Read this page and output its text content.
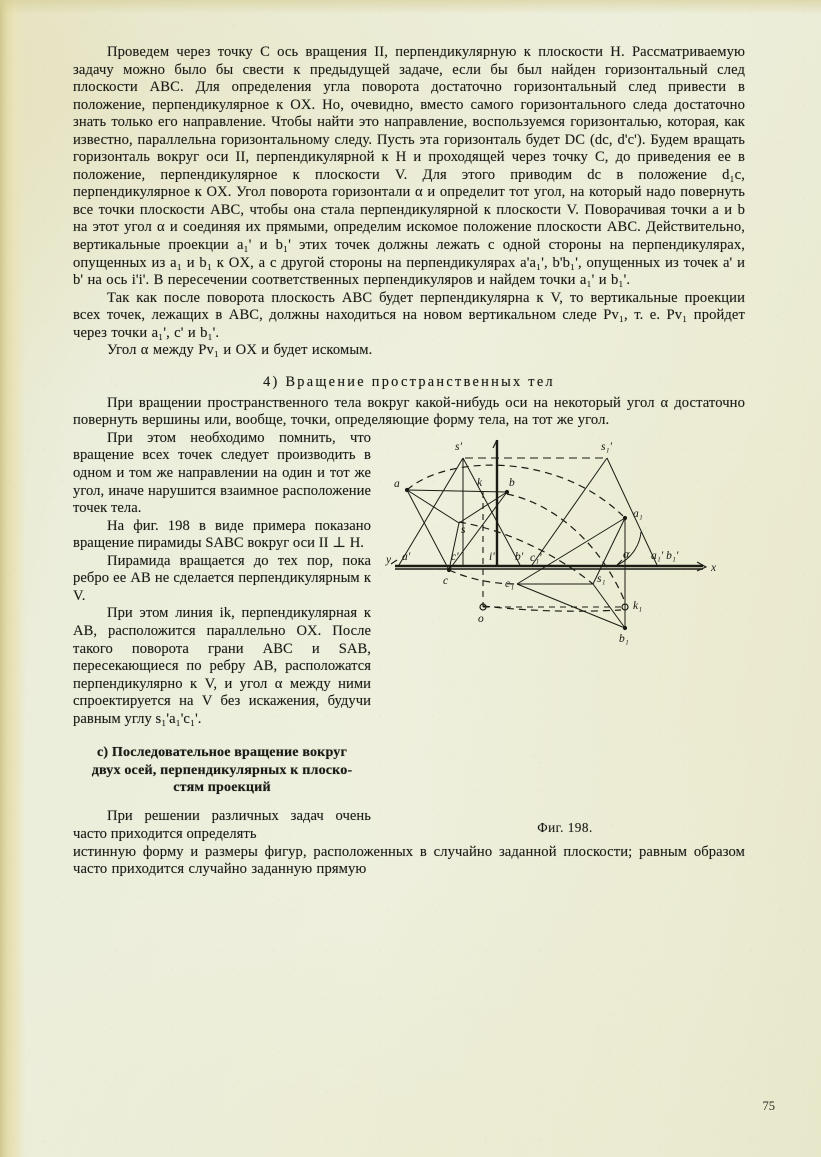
Проведем через точку C ось вращения II, перпендикулярную к плоскости H. Рассматриваемую задачу можно было бы свести к предыдущей задаче, если бы был найден горизонтальный след плоскости ABC. Для определения угла поворота достаточно горизонтальный след привести в положение, перпендикулярное к OX. Но, очевидно, вместо самого горизонтального следа достаточно знать только его направление. Чтобы найти это направление, воспользуемся горизонталью, которая, как известно, параллельна горизонтальному следу. Пусть эта горизонталь будет DC (dc, d'c'). Будем вращать горизонталь вокруг оси II, перпендикулярной к H и проходящей через точку C, до приведения ее в положение, перпендикулярное к плоскости V. Для этого приводим dc в положение d₁c, перпендикулярное к OX. Угол поворота горизонтали α и определит тот угол, на который надо повернуть все точки плоскости ABC, чтобы она стала перпендикулярной к плоскости V. Поворачивая точки a и b на этот угол α и соединяя их прямыми, определим искомое положение плоскости ABC. Действительно, вертикальные проекции a₁' и b₁' этих точек должны лежать с одной стороны на перпендикулярах, опущенных из a₁ и b₁ к OX, а с другой стороны на перпендикулярах a'a₁', b'b₁', опущенных из точек a' и b' на ось i'i'. В пересечении соответственных перпендикуляров и найдем точки a₁' и b₁'.

Так как после поворота плоскость ABC будет перпендикулярна к V, то вертикальные проекции всех точек, лежащих в ABC, должны находиться на новом вертикальном следе Pv₁, т. е. Pv₁ пройдет через точки a₁', c' и b₁'.

Угол α между Pv₁ и OX и будет искомым.

4) Вращение пространственных тел

При вращении пространственного тела вокруг какой-нибудь оси на некоторый угол α достаточно повернуть вершины или, вообще, точки, определяющие форму тела, на тот же угол.

y a'	c'
s'
i' b' c₁'	α a₁' b₁'
s₁'
x
a	k b
s
c
a₁
s₁
c₁
o
k₁
b₁

Фиг. 198.

При этом необходимо помнить, что вращение всех точек следует производить в одном и том же направлении на один и тот же угол, иначе нарушится взаимное расположение точек тела.

На фиг. 198 в виде примера показано вращение пирамиды SABC вокруг оси II ⊥ H.

Пирамида вращается до тех пор, пока ребро ее AB не сделается перпендикулярным к V.

При этом линия ik, перпендикулярная к AB, расположится параллельно OX. После такого поворота грани ABC и SAB, пересекающиеся по ребру AB, расположатся перпендикулярно к V, и угол α между ними спроектируется на V без искажения, будучи равным углу s₁'a₁'c₁'.

c) Последовательное вращение вокруг

двух осей, перпендикулярных к плоско-

стям проекций

При решении различных задач очень часто приходится определять

истинную форму и размеры фигур, расположенных в случайно заданной плоскости; равным образом часто приходится случайно заданную прямую

75
